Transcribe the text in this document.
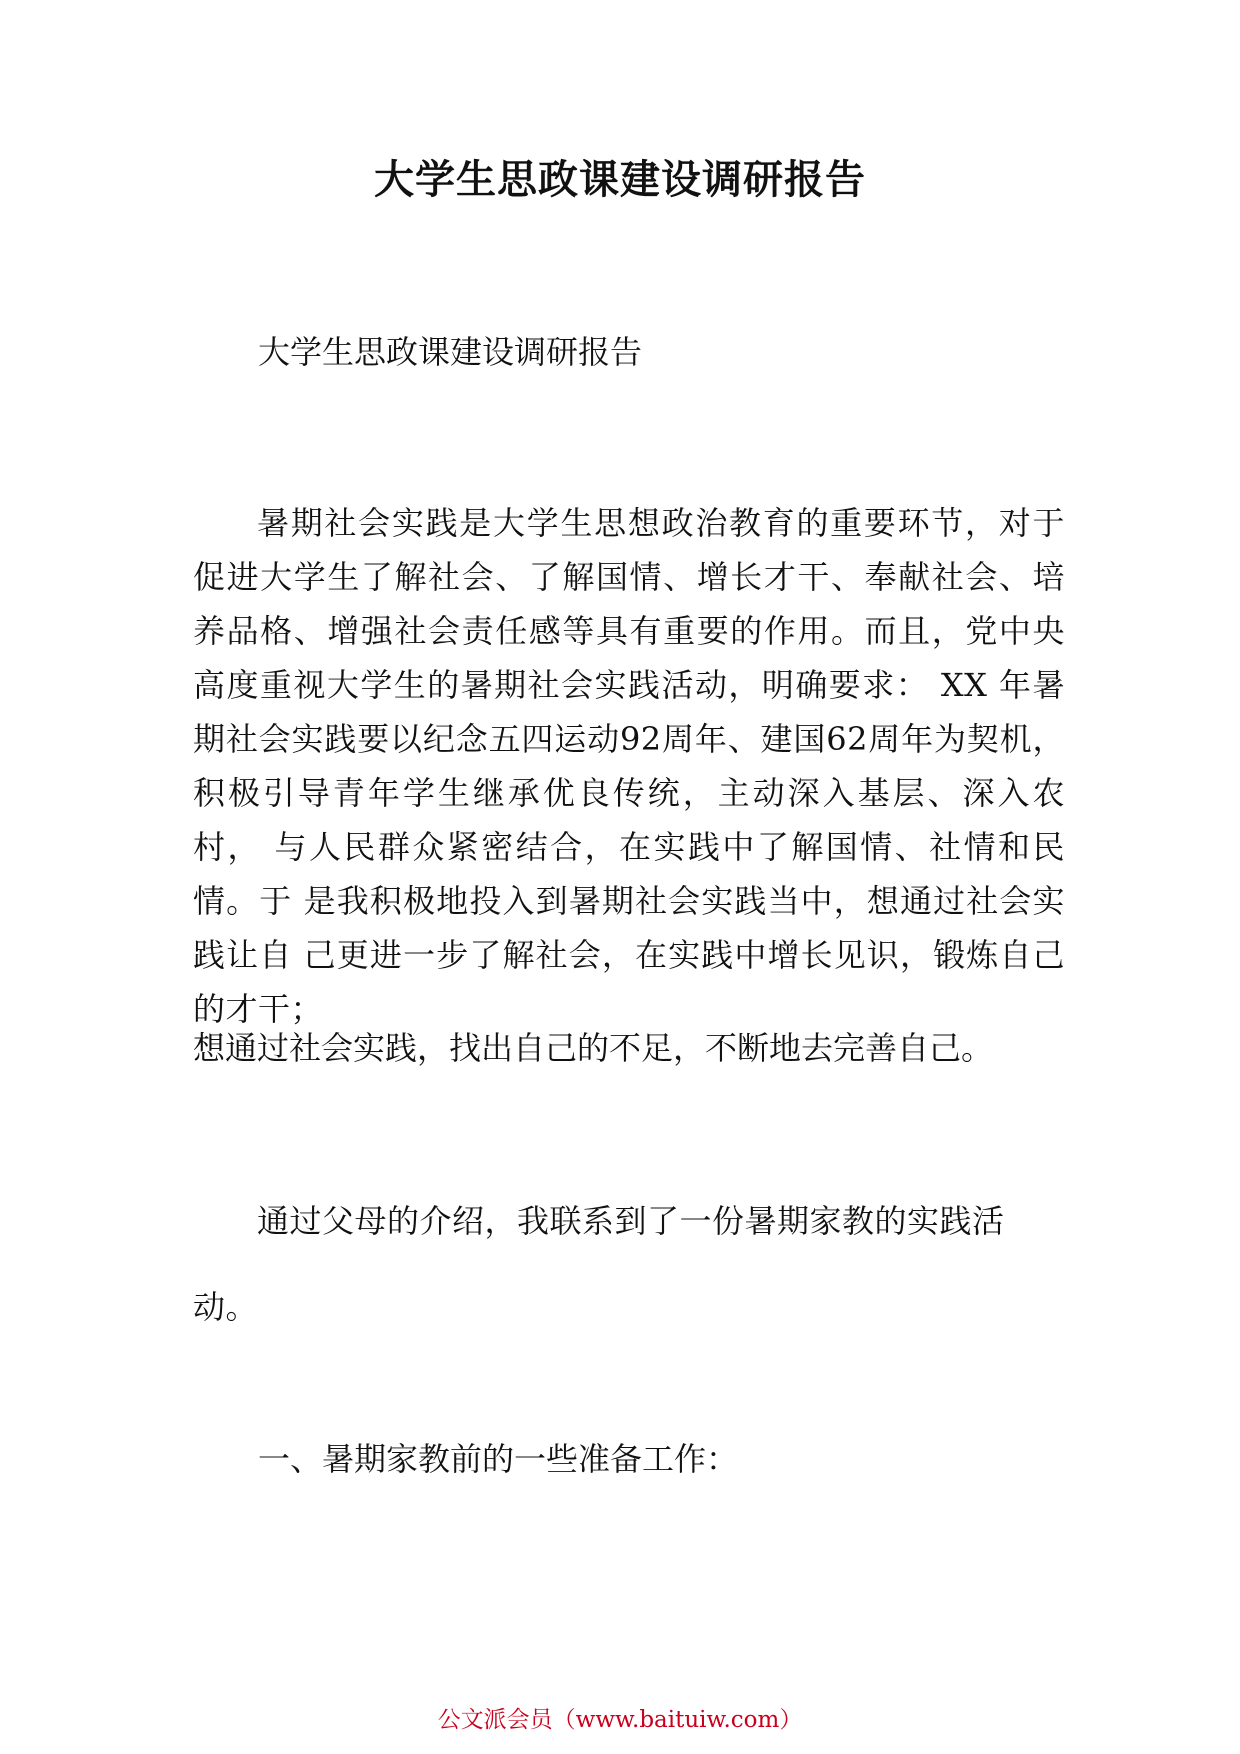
大学生思政课建设调研报告

大学生思政课建设调研报告

暑期社会实践是大学生思想政治教育的重要环节，对于促进大学生了解社会、了解国情、增长才干、奉献社会、培养品格、增强社会责任感等具有重要的作用。而且，党中央高度重视大学生的暑期社会实践活动，明确要求： XX 年暑期社会实践要以纪念五四运动92周年、建国62周年为契机， 积极引导青年学生继承优良传统，主动深入基层、深入农村， 与人民群众紧密结合，在实践中了解国情、社情和民情。于 是我积极地投入到暑期社会实践当中，想通过社会实践让自 己更进一步了解社会，在实践中增长见识，锻炼自己的才干；

想通过社会实践，找出自己的不足，不断地去完善自己。

通过父母的介绍，我联系到了一份暑期家教的实践活动。

一、暑期家教前的一些准备工作：

公文派会员（www.baituiw.com）
